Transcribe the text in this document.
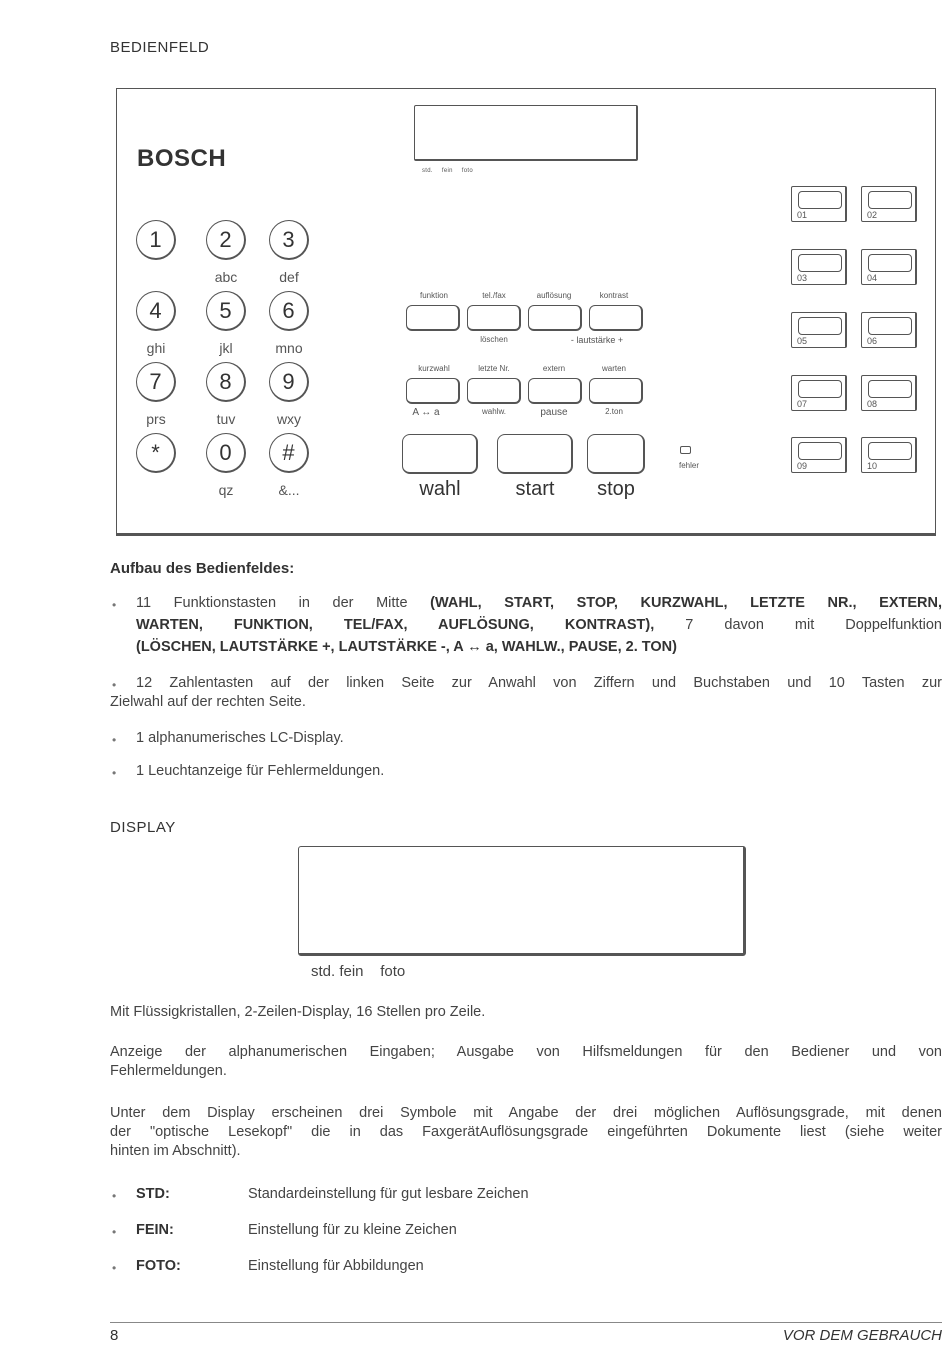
BEDIENFELD
BOSCH	std. fein foto
1	2	3
abc	def
4	5	6
ghi	jkl	mno
7	8	9
prs	tuv	wxy
*	0	#
qz	&...
funktion	tel./fax	auflösung	kontrast
löschen	- lautstärke +
kurzwahl	letzte Nr.	extern	warten
A ↔ a	wahlw.	pause	2.ton
wahl	start	stop
fehler
01	02
03	04
05	06
07	08
09	10
Aufbau des Bedienfeldes:
• 11 Funktionstasten in der Mitte (WAHL, START, STOP, KURZWAHL, LETZTE NR., EXTERN,
WARTEN, FUNKTION, TEL/FAX, AUFLÖSUNG, KONTRAST), 7 davon mit Doppelfunktion
(LÖSCHEN, LAUTSTÄRKE +, LAUTSTÄRKE -, A ↔ a, WAHLW., PAUSE, 2. TON)
• 12 Zahlentasten auf der linken Seite zur Anwahl von Ziffern und Buchstaben und 10 Tasten zur
Zielwahl auf der rechten Seite.
• 1 alphanumerisches LC-Display.
• 1 Leuchtanzeige für Fehlermeldungen.
DISPLAY
std. fein    foto
Mit Flüssigkristallen, 2-Zeilen-Display, 16 Stellen pro Zeile.
Anzeige der alphanumerischen Eingaben; Ausgabe von Hilfsmeldungen für den Bediener und von
Fehlermeldungen.
Unter dem Display erscheinen drei Symbole mit Angabe der drei möglichen Auflösungsgrade, mit denen
der "optische Lesekopf" die in das FaxgerätAuflösungsgrade eingeführten Dokumente liest (siehe weiter
hinten im Abschnitt).
• STD:	Standardeinstellung für gut lesbare Zeichen
• FEIN:	Einstellung für zu kleine Zeichen
• FOTO:	Einstellung für Abbildungen
8	VOR DEM GEBRAUCH
